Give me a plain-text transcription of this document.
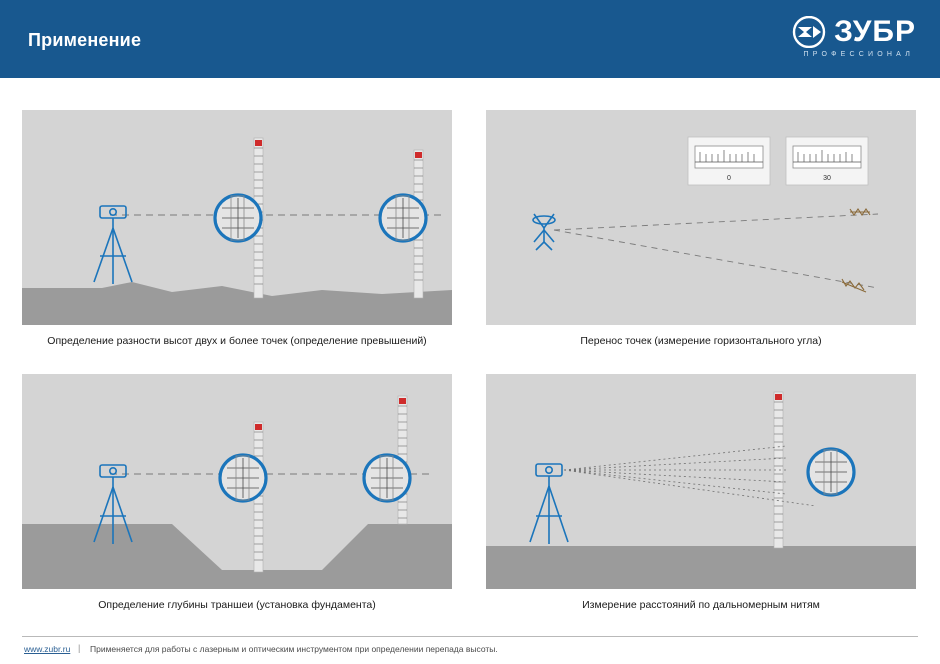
Применение	ЗУБР
ПРОФЕССИОНАЛ
Определение разности высот двух и более точек (определение превышений)
0	30
Перенос точек (измерение горизонтального угла)
Определение глубины траншеи (установка фундамента)	Измерение расстояний по дальномерным нитям
www.zubr.ru | Применяется для работы с лазерным и оптическим инструментом при определении перепада высоты.
